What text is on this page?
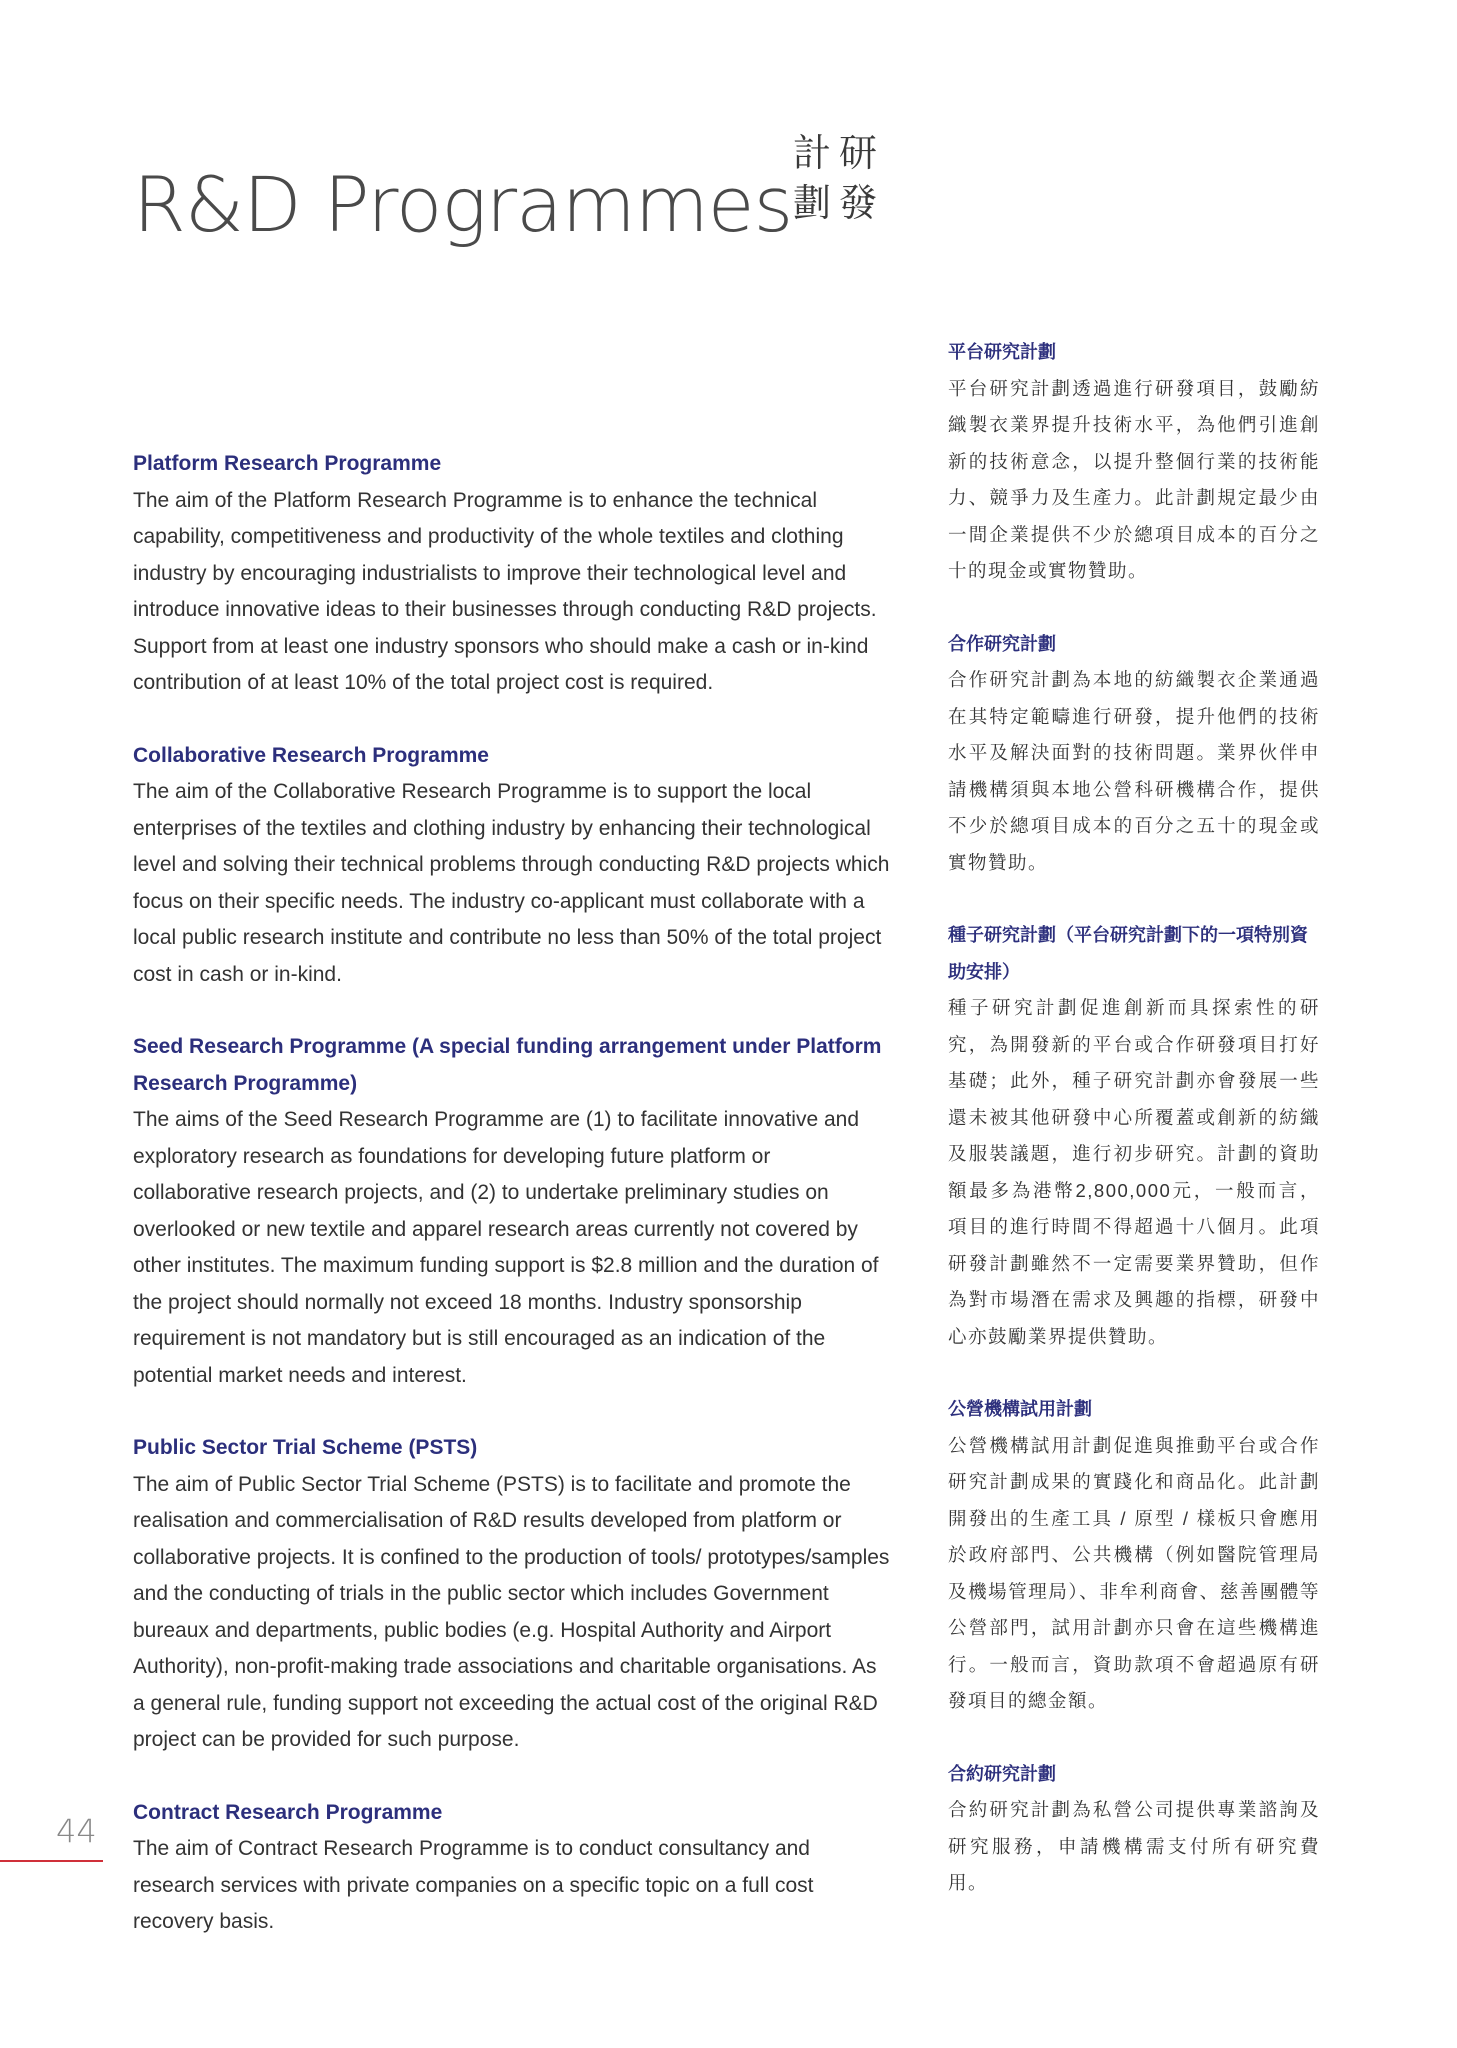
R&D Programmes
計
劃
研
發
Platform Research Programme

The aim of the Platform Research Programme is to enhance the technical capability, competitiveness and productivity of the whole textiles and clothing industry by encouraging industrialists to improve their technological level and introduce innovative ideas to their businesses through conducting R&D projects. Support from at least one industry sponsors who should make a cash or in-kind contribution of at least 10% of the total project cost is required.

Collaborative Research Programme

The aim of the Collaborative Research Programme is to support the local enterprises of the textiles and clothing industry by enhancing their technological level and solving their technical problems through conducting R&D projects which focus on their specific needs. The industry co-applicant must collaborate with a local public research institute and contribute no less than 50% of the total project cost in cash or in-kind.

Seed Research Programme (A special funding arrangement under Platform Research Programme)

The aims of the Seed Research Programme are (1) to facilitate innovative and exploratory research as foundations for developing future platform or collaborative research projects, and (2) to undertake preliminary studies on overlooked or new textile and apparel research areas currently not covered by other institutes. The maximum funding support is $2.8 million and the duration of the project should normally not exceed 18 months. Industry sponsorship requirement is not mandatory but is still encouraged as an indication of the potential market needs and interest.

Public Sector Trial Scheme (PSTS)

The aim of Public Sector Trial Scheme (PSTS) is to facilitate and promote the realisation and commercialisation of R&D results developed from platform or collaborative projects. It is confined to the production of tools/ prototypes/samples and the conducting of trials in the public sector which includes Government bureaux and departments, public bodies (e.g. Hospital Authority and Airport Authority), non-profit-making trade associations and charitable organisations. As a general rule, funding support not exceeding the actual cost of the original R&D project can be provided for such purpose.

Contract Research Programme

The aim of Contract Research Programme is to conduct consultancy and research services with private companies on a specific topic on a full cost recovery basis.

平台研究計劃

平台研究計劃透過進行研發項目，鼓勵紡織製衣業界提升技術水平，為他們引進創新的技術意念，以提升整個行業的技術能力、競爭力及生產力。此計劃規定最少由一間企業提供不少於總項目成本的百分之十的現金或實物贊助。

合作研究計劃

合作研究計劃為本地的紡織製衣企業通過在其特定範疇進行研發，提升他們的技術水平及解決面對的技術問題。業界伙伴申請機構須與本地公營科研機構合作，提供不少於總項目成本的百分之五十的現金或實物贊助。

種子研究計劃（平台研究計劃下的一項特別資助安排）

種子研究計劃促進創新而具探索性的研究，為開發新的平台或合作研發項目打好基礎；此外，種子研究計劃亦會發展一些還未被其他研發中心所覆蓋或創新的紡織及服裝議題，進行初步研究。計劃的資助額最多為港幣2,800,000元，一般而言，項目的進行時間不得超過十八個月。此項研發計劃雖然不一定需要業界贊助，但作為對市場潛在需求及興趣的指標，研發中心亦鼓勵業界提供贊助。

公營機構試用計劃

公營機構試用計劃促進與推動平台或合作研究計劃成果的實踐化和商品化。此計劃開發出的生產工具 / 原型 / 樣板只會應用於政府部門、公共機構（例如醫院管理局及機場管理局）、非牟利商會、慈善團體等公營部門，試用計劃亦只會在這些機構進行。一般而言，資助款項不會超過原有研發項目的總金額。

合約研究計劃

合約研究計劃為私營公司提供專業諮詢及研究服務，申請機構需支付所有研究費用。

44
